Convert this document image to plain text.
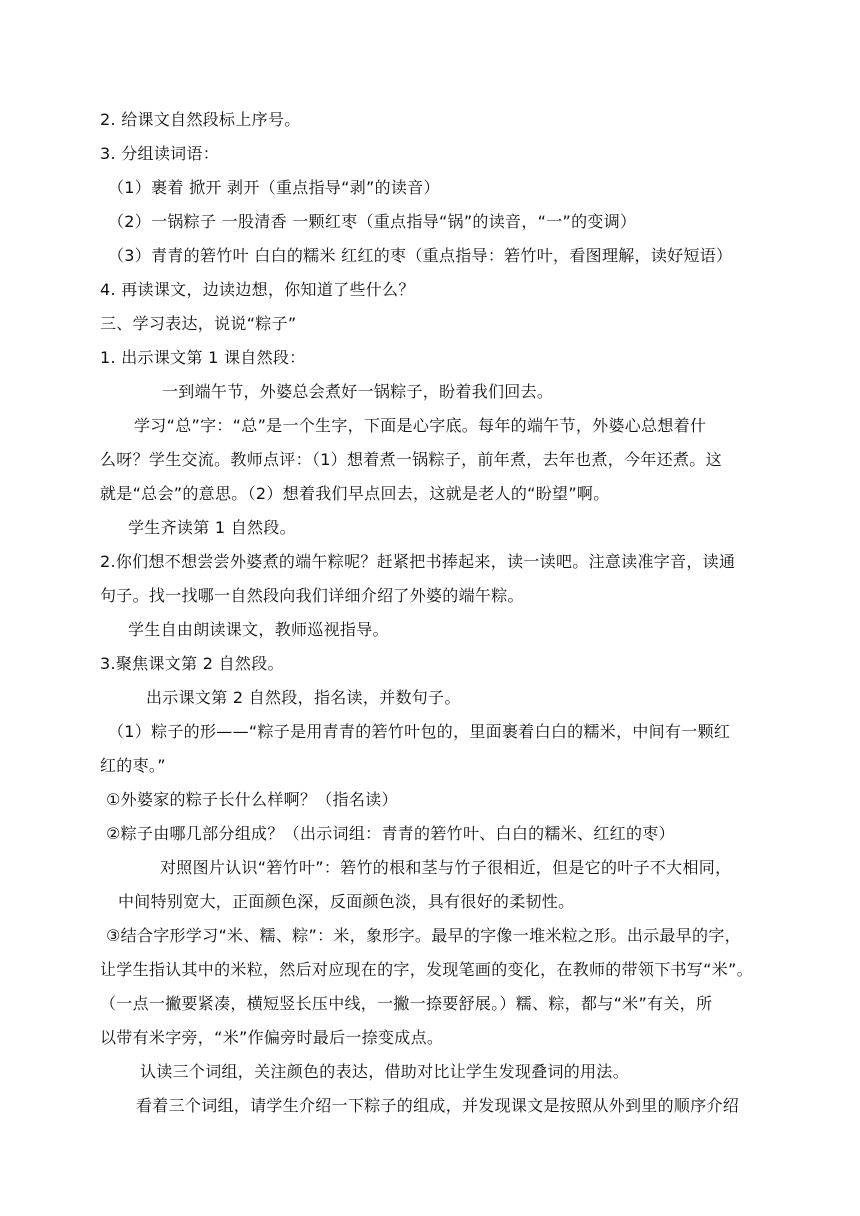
2. 给课文自然段标上序号。
3. 分组读词语：
（1）裹着 掀开 剥开（重点指导“剥”的读音）
（2）一锅粽子 一股清香 一颗红枣（重点指导“锅”的读音，“一”的变调）
（3）青青的箬竹叶 白白的糯米 红红的枣（重点指导：箬竹叶，看图理解，读好短语）
4. 再读课文，边读边想，你知道了些什么？
三、学习表达，说说“粽子”
1. 出示课文第 1 课自然段：
一到端午节，外婆总会煮好一锅粽子，盼着我们回去。
学习“总”字：“总”是一个生字，下面是心字底。每年的端午节，外婆心总想着什
么呀？学生交流。教师点评：（1）想着煮一锅粽子，前年煮，去年也煮，今年还煮。这
就是“总会”的意思。（2）想着我们早点回去，这就是老人的“盼望”啊。
学生齐读第 1 自然段。
2.你们想不想尝尝外婆煮的端午粽呢？赶紧把书捧起来，读一读吧。注意读准字音，读通
句子。找一找哪一自然段向我们详细介绍了外婆的端午粽。
学生自由朗读课文，教师巡视指导。
3.聚焦课文第 2 自然段。
出示课文第 2 自然段，指名读，并数句子。
（1）粽子的形——“粽子是用青青的箬竹叶包的，里面裹着白白的糯米，中间有一颗红
红的枣。”
①外婆家的粽子长什么样啊？（指名读）
②粽子由哪几部分组成？（出示词组：青青的箬竹叶、白白的糯米、红红的枣）
对照图片认识“箬竹叶”：箬竹的根和茎与竹子很相近，但是它的叶子不大相同，
中间特别宽大，正面颜色深，反面颜色淡，具有很好的柔韧性。
③结合字形学习“米、糯、粽”：米，象形字。最早的字像一堆米粒之形。出示最早的字，
让学生指认其中的米粒，然后对应现在的字，发现笔画的变化，在教师的带领下书写“米”。
（一点一撇要紧凑，横短竖长压中线，一撇一捺要舒展。）糯、粽，都与“米”有关，所
以带有米字旁，“米”作偏旁时最后一捺变成点。
认读三个词组，关注颜色的表达，借助对比让学生发现叠词的用法。
看着三个词组，请学生介绍一下粽子的组成，并发现课文是按照从外到里的顺序介绍
